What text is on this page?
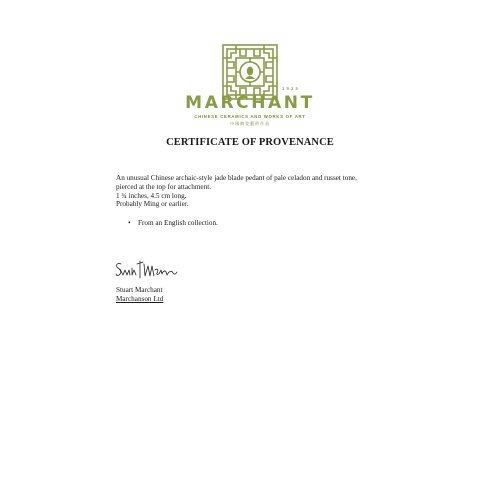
1925
MARCHANT
CHINESE CERAMICS AND WORKS OF ART
中國陶瓷藝術作品
CERTIFICATE OF PROVENANCE
An unusual Chinese archaic-style jade blade pedant of pale celadon and russet tone,
pierced at the top for attachment.
1 ¾ inches, 4.5 cm long.
Probably Ming or earlier.
• From an English collection.
Stuart Marchant
Marchanson Ltd
